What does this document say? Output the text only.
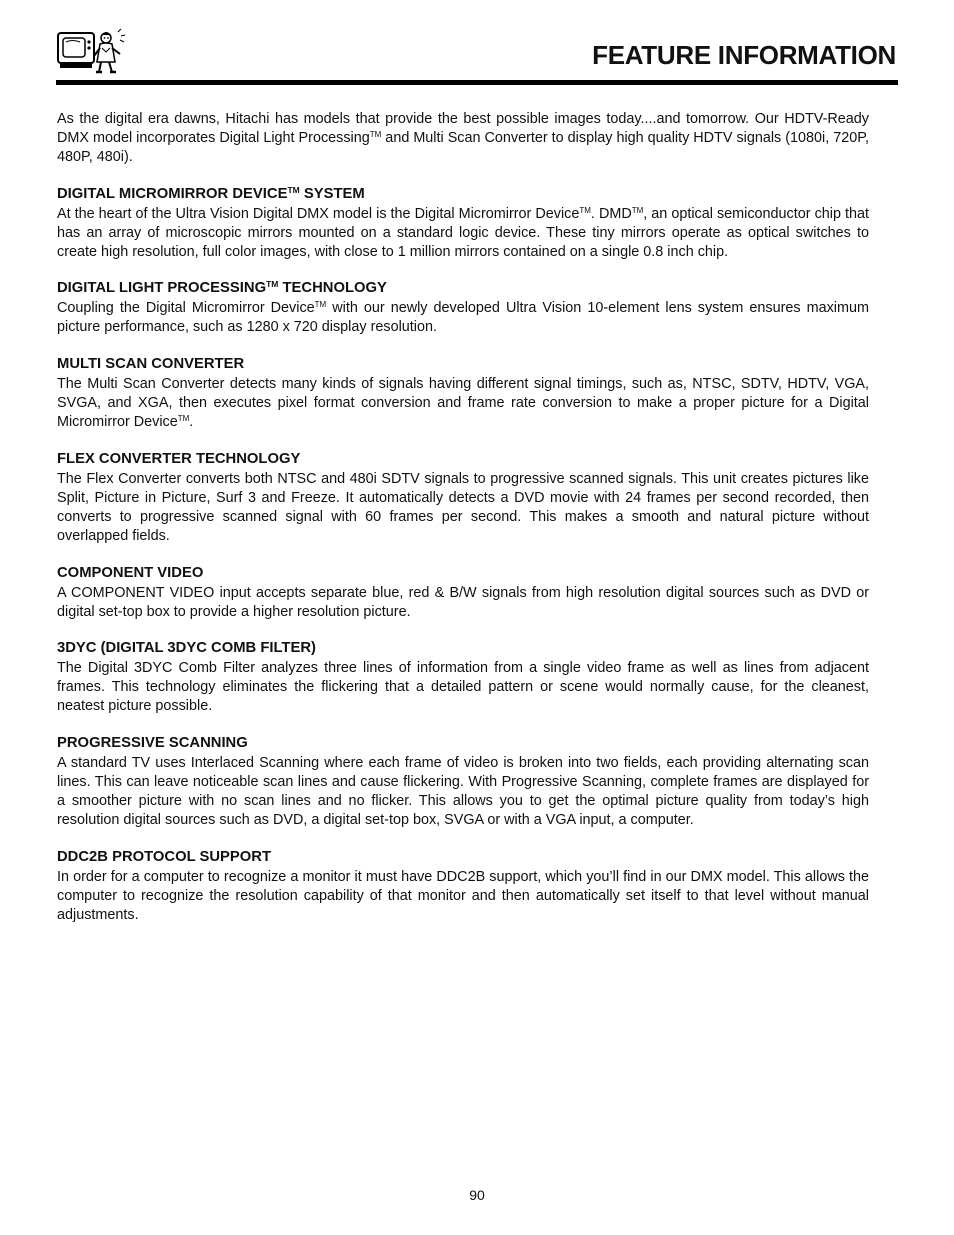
FEATURE INFORMATION

As the digital era dawns, Hitachi has models that provide the best possible images today....and tomorrow. Our HDTV-Ready DMX model incorporates Digital Light Processing™ and Multi Scan Converter to display high quality HDTV signals (1080i, 720P, 480P, 480i).

DIGITAL MICROMIRROR DEVICE™ SYSTEM

At the heart of the Ultra Vision Digital DMX model is the Digital Micromirror Device™. DMD™, an optical semiconductor chip that has an array of microscopic mirrors mounted on a standard logic device. These tiny mirrors operate as optical switches to create high resolution, full color images, with close to 1 million mirrors contained on a single 0.8 inch chip.

DIGITAL LIGHT PROCESSING™ TECHNOLOGY

Coupling the Digital Micromirror Device™ with our newly developed Ultra Vision 10-element lens system ensures maximum picture performance, such as 1280 x 720 display resolution.

MULTI SCAN CONVERTER

The Multi Scan Converter detects many kinds of signals having different signal timings, such as, NTSC, SDTV, HDTV, VGA, SVGA, and XGA, then executes pixel format conversion and frame rate conversion to make a proper picture for a Digital Micromirror Device™.

FLEX CONVERTER TECHNOLOGY

The Flex Converter converts both NTSC and 480i SDTV signals to progressive scanned signals. This unit creates pictures like Split, Picture in Picture, Surf 3 and Freeze. It automatically detects a DVD movie with 24 frames per second recorded, then converts to progressive scanned signal with 60 frames per second. This makes a smooth and natural picture without overlapped fields.

COMPONENT VIDEO

A COMPONENT VIDEO input accepts separate blue, red & B/W signals from high resolution digital sources such as DVD or digital set-top box to provide a higher resolution picture.

3DYC (DIGITAL 3DYC COMB FILTER)

The Digital 3DYC Comb Filter analyzes three lines of information from a single video frame as well as lines from adjacent frames. This technology eliminates the flickering that a detailed pattern or scene would normally cause, for the cleanest, neatest picture possible.

PROGRESSIVE SCANNING

A standard TV uses Interlaced Scanning where each frame of video is broken into two fields, each providing alternating scan lines. This can leave noticeable scan lines and cause flickering. With Progressive Scanning, complete frames are displayed for a smoother picture with no scan lines and no flicker. This allows you to get the optimal picture quality from today’s high resolution digital sources such as DVD, a digital set-top box, SVGA or with a VGA input, a computer.

DDC2B PROTOCOL SUPPORT

In order for a computer to recognize a monitor it must have DDC2B support, which you’ll find in our DMX model. This allows the computer to recognize the resolution capability of that monitor and then automatically set itself to that level without manual adjustments.

90
